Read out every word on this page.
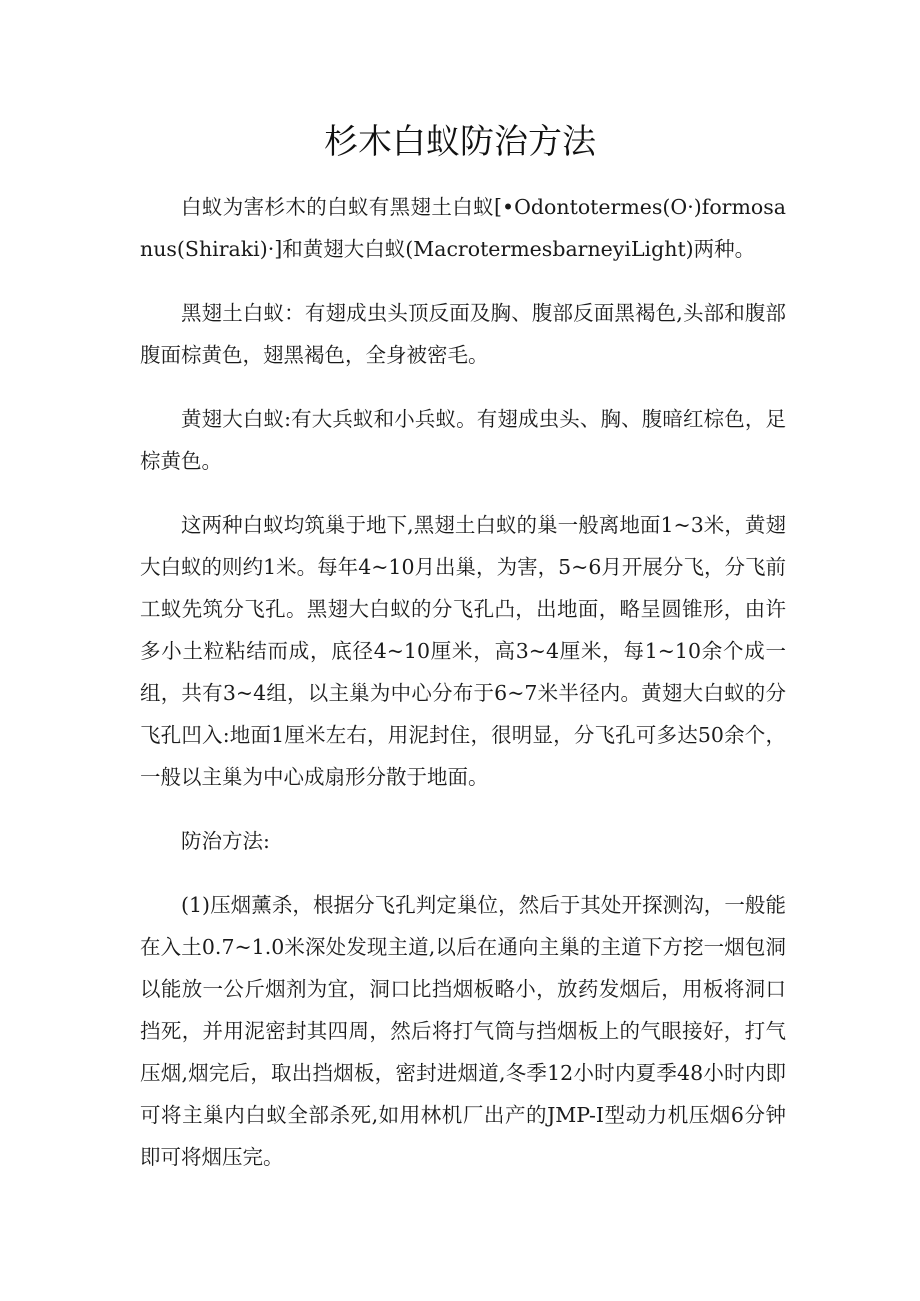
杉木白蚁防治方法

白蚁为害杉木的白蚁有黑翅土白蚁[•Odontotermes(O·)formosanus(Shiraki)·]和黄翅大白蚁(MacrotermesbarneyiLight)两种。

黑翅土白蚁：有翅成虫头顶反面及胸、腹部反面黑褐色,头部和腹部腹面棕黄色，翅黑褐色，全身被密毛。

黄翅大白蚁:有大兵蚁和小兵蚁。有翅成虫头、胸、腹暗红棕色，足棕黄色。

这两种白蚁均筑巢于地下,黑翅土白蚁的巢一般离地面1~3米，黄翅大白蚁的则约1米。每年4~10月出巢，为害，5~6月开展分飞，分飞前工蚁先筑分飞孔。黑翅大白蚁的分飞孔凸，出地面，略呈圆锥形，由许多小土粒粘结而成，底径4~10厘米，高3~4厘米，每1~10余个成一组，共有3~4组，以主巢为中心分布于6~7米半径内。黄翅大白蚁的分飞孔凹入:地面1厘米左右，用泥封住，很明显，分飞孔可多达50余个，一般以主巢为中心成扇形分散于地面。

防治方法:

(1)压烟薰杀，根据分飞孔判定巢位，然后于其处开探测沟，一般能在入土0.7~1.0米深处发现主道,以后在通向主巢的主道下方挖一烟包洞以能放一公斤烟剂为宜，洞口比挡烟板略小，放药发烟后，用板将洞口挡死，并用泥密封其四周，然后将打气筒与挡烟板上的气眼接好，打气压烟,烟完后，取出挡烟板，密封进烟道,冬季12小时内夏季48小时内即可将主巢内白蚁全部杀死,如用林机厂出产的JMP-I型动力机压烟6分钟即可将烟压完。
